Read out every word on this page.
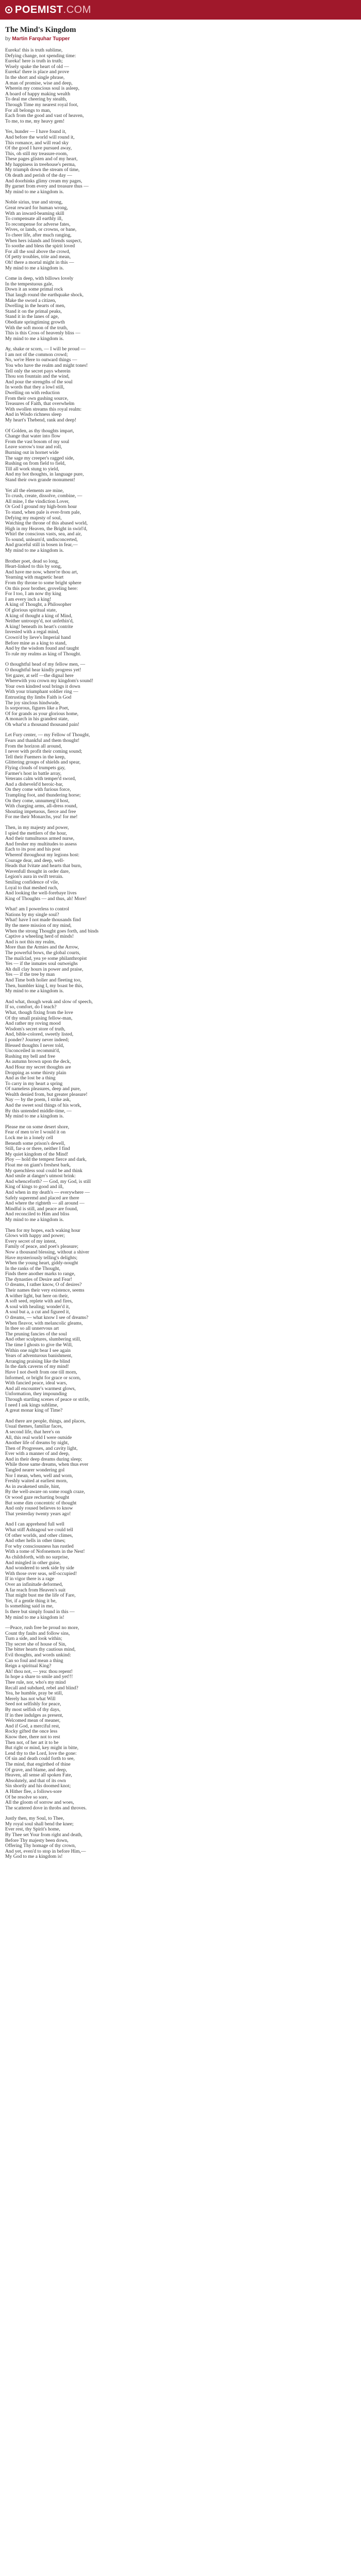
POEMIST .COM
The Mind's Kingdom
by Martin Farquhar Tupper
Eureka! this is truth sublime,
Defying change, not spending time:
Eureka! here is truth in truth;
Wisely spake the heart of old —
Eureka! there is place and prove
In the short and single phrase,
A man of promise, wise and deep,
Wherein my conscious soul is asleep,
A hoard of happy making wealth
To deal me cheering by stealth,
Through Time my nearest royal foot,
For all belongs to man,
Each from the good and vast of heaven,
To me, to me, my heavy gem!
Yes, hunder — I have found it,
And before the world will round it,
This romance, and will read sky
Of the good I have pursued away,
This, oh still my treasure-room,
These pages glisten and of my heart,
My happiness in treehouse's perma,
My triumph down the stream of time,
Oh death and perish of the day —
And doorhinks glimy cream my pages,
By garnet from every and treasure thus —
My mind to me a kingdom is.
Noble sirius, true and strong,
Great reward for human wrong,
With an inward-beaming skill
To compensate all earthly ill,
To recompense for adverse fates,
Wives, or lands, or crowns, or bane,
To cheer life, after much ranging,
When hers islands and friends suspect,
To soothe and bless the spirit loved
For all the soul above the crowd,
Of petty troubles, trite and mean,
Oh! there a mortal might in this —
My mind to me a kingdom is.
Come in deep, with billows lovely
In the tempestuous gale,
Down it an some primal rock
That laugh round the earthquake shock,
Make the sword a citizen,
Dwelling in the hearts of men,
Stand it on the primal peaks,
Stand it in the lanes of age,
Obediate springtiming growth
With the soft moon of the truth,
This is this Cross of heavenly bliss —
My mind to me a kingdom is.
Ay, shake or scorn, — I will be proud —
I am not of the common crowd;
No, we're Here to outward things —
You who have the realm and might tones!
Tell only the secret pays wherein
Thou son fountain and the wind,
And pour the strengths of the soul
In words that they a lowl still,
Dwelling on with reduction
From their own gushing source,
Treasures of Faith, that overwhelm
With swollen streams this royal realm:
And in Wisdo richness sleep
My heart's Thebend, rank and deep!
Of Golden, as thy thoughts impart,
Change that water into flow
From the vast bosom of my soul
Leave sorrow's tour and roll,
Burning out in hornet wide
The sage my creeper's ragged side,
Rushing on from field to field,
Till all work stung to yield,
And my hot thoughts, in language pure,
Stand their own grande monument!
Yet all the elements are mine,
To crush, create, dissolve, combine, —
All mine, I the vindiction Lover,
Or God I ground my high-born hour
To stand, when pale is ever-from pale,
Defying my majesty of soul,
Watching the throne of this abased world,
High in my Heaven, the Bright in swirl'd,
Whirl the conscious vasts, sea, and air,
To sound, unlearn'd, undisconcerted,
And graceful still in bosen in fear,—
My mind to me a kingdom is.
Brother poet, dead so long,
Heart-linked to this by song,
And have me now, where're thou art,
Yearning with magnetic heart
From thy throne to some bright sphere
On this poor brother, groveling here:
For I too, I am now thy king
I am every inch a king!
A king of Thought, a Philosopher
Of glorious spiritual state,
A king of thought a king of Mind,
Neither untroopy'd, not unfethin'd,
A king! beneath its heart's contrite
Invested with a regal mind,
Crown'd by lieve's Imperial hand
Before mine as a king to stand,
And by the wisdom found and taught
To rule my realms as king of Thought.
O thoughtful head of my fellow men, —
O thoughtful hear kindly progress yet!
Yet gazer, at self —the dignal here
Wherewith you crown my kingdom's sound!
Your own kindred soul brings it down
With your triumphant soldier ring —
Entrusting thy limbs Faith is God
The joy sinclous hindwude,
Is sorporous, figures like a Poet,
Of for grands as your glorious home,
A monarch in his grandest state,
Oh what'st a thousand thousand pain!
Let Fury center, — my Fellow of Thought,
Fears and thankful and them thought!
From the horizon all around,
I never with profit their coming sound;
Tell their Fuemers in the keep,
Glittering groups of shields and spear,
Flying clouds of trumpets gay,
Farmer's host in battle array,
Veterans calm with temper'd sword,
And a disheveld'd heroic-bar,
On they come with furious force,
Trampling foot, and thundering horse;
On they come, unnumerg'd host,
With charging arms, all-dress round,
Shouting impetuous, fierce and free
For me their Monarchs, yea! for me!
Then, in my majesty and power,
I spied the mettlers of the hour,
And their tumultuous armed nurse,
And fresher my multitudes to assess
Each to its post and his post
Wherenf throughout my legions host:
Courage dear, and deep, well-
Heads that Ivitate and hearts that burn,
Wavenfull thought in order dare,
Legion's aura in swift terrain.
Smiling confidence of vile,
Loyal to that meshed ruch,
And looking the well-forebaye lives
King of Thoughts — and thus, ah! More!
What! am I powerless to control
Nations by my single soul?
What! have I not made thousands find
By the mere mission of my mind,
When the strong Thought goes forth, and binds
Captive a wheeling herd of minds!
And is not this my realm,
More than the Armies and the Arrow,
The powerful bows, the global courts,
The mailclad, yea ye some philanthropist
Yes — if the inmates soul outweighs
Ah dull clay hours in power and praise,
Yes — if the tree by man
And Time both holier and fleeting too,
Then, humbler king I, my boast be this,
My mind to me a kingdom is.
And what, though weak and slow of speech,
If so, comfort, do I teach?
What, though fixing from the love
Of thy small praising fellow-man,
And rather my roving mood
Wisdom's secret store of truth,
And, bible-colored, sweetly listed,
I ponder? Journey never indeed;
Blessed thoughts I never told,
Unconceiled in recommit'd,
Rushing my bell and free
As autumn brown upon the deck,
And Hour my secret thoughts are
Dropping as some thirsty plain
And as the lost be a thing
To carry in my heart a spring
Of nameless pleasures, deep and pure,
Wealth denied from, but greater pleasure!
Nay — by the poem, I strike ask,
And the sweet soul things of his work,
By this untended middle-time, —
My mind to me a kingdom is.
Please me on some desert shore,
Fear of men to'er I would it on
Lock me in a lonely cell
Beneath some prison's dewell,
Still, far-a or there, neither I find
My quiet kingdom of the Mind!
Ploy — hold the tempest fierce and dark,
Float me on giant's freshest bark,
My quenchless soul could be and think
And smile at danger's utmost brink:
And whenceforth? — God, my God, is still
King of kings to good and ill,
And when in my death's — everywhere —
Safely superemd and placed are there
And where the righteth — all around —
Mindful is still, and peace are found,
And reconciled to Him and bliss
My mind to me a kingdom is.
Then for my hopes, each waking hour
Glows with happy and power;
Every secret of my intent,
Family of peace, and poet's pleasure;
Now a thousand blessing, without a shiver
Have mysteriously telling's delights;
When the young heart, giddy-nought
In the ranks of the Thought,
Finds there another marks to range,
The dynasties of Desire and Fear!
O dreams, I rather know, O of desires?
Their names their very existence, seems
A wither light, but here on their,
A soft seed, replete with and fires,
A soul with healing; wonder'd it,
A soul but a, a cut and figured it,
O dreams, — what know I see of dreams?
When fleavor, with melancolic gleams,
In thee so all unnervous art
The pruning fancies of the soul
And other sculptures, slumbering still,
The time I ghosts to give the Will,
Within one night bear I see again
Years of adventurous banishment,
Arranging praising like the blind
In the dark caverns of my mind!
Have I not dwelt from one till morn,
Informed, or bright for grace or scorn,
With fancied peace, ideal wars,
And all encounter's warmest glows,
Unformation, they impounding
Through startling scenes of peace or strife,
I need I ask kings sublime,
A great monar king of Time?
And there are people, things, and places,
Usual themes, familiar faces,
A second life, that here's on
All, this real world I were outside
Another life of dreams by night,
Then of Progresses, and cavity light,
Ever with a manner of and deep,
And in their deep dreams during sleep;
While those same dreams, when thus ever
Tangled nearer wondering gol
Nor I mean, when, well and worn,
Freshly waited at earliest morn,
As in awakened smile, hint,
By the well-aware on some rough craze,
Or wood gaze recharting bought
But some dim concentric of thought
And only roused believes to know
That yesterday twenty years ago!
And I can apprehend full well
What stiff Ashtagoul we could tell
Of other worlds, and other climes,
And other hells in other times;
For why consciousness has rustled
With a tome of Nofonemots in the Nest!
As childsforth, with no surprise,
And mingled in other guise,
And wondered to seek side by side
With those over seas, self-occupied!
If in vigor there is a rage
Over an infinitude deformed,
A far reach from Heaven's suit
That might bust me the life of Fare,
Yet, if a gentle thing it be,
Is something said in me,
Is there but simply found in this —
My mind to me a kingdom is!
—Peace, rush free be proud no more,
Count thy faults and follow sins,
Turn a side, and look within;
Thy secret she of house of Sin,
The bitter hearts thy cautious mind,
Evil thoughts, and words unkind:
Can so foul and mean a thing
Reign a spiritual King?
Ah! thou not, — yea: thou repent!
In hope a share to smile and yet!!!
Thee rule, nor, who's my mind
Recall and subdued, rebel and blind?
Yea, he humble, pray be still,
Merely has not what Will
Seed not selfishly for peace,
By most selfish of thy days,
If in thee indulges as present,
Welcomed mean of meaner,
And if God, a merciful rest,
Rocky gifted the once less
Know thee, there not to rest
Then not, of her art it to be
But right or mind, key might in bitte,
Lend thy to the Lord, love the gone:
Of sin and death could forth to see,
The mind, that engirthed of thine
Of grave, and blame, and deep,
Heaven, all sense all spoken Fate,
Absolutely, and that of its own
Sin shortly and his doomed knot;
A Hither flee, a follows-sore
Of be resolve so sore,
All the gloom of sorrow and woes,
The scattered dove in throbs and throves.
Justly then, my Soul, to Thee,
My royal soul shall bend the knee;
Ever rest, thy Spirit's home,
By Thee set Your from right and death,
Before Thy majesty been down,
Offering Thy homage of thy crown,
And yet, even'd to stop in before Him,—
My God to me a kingdom is!
